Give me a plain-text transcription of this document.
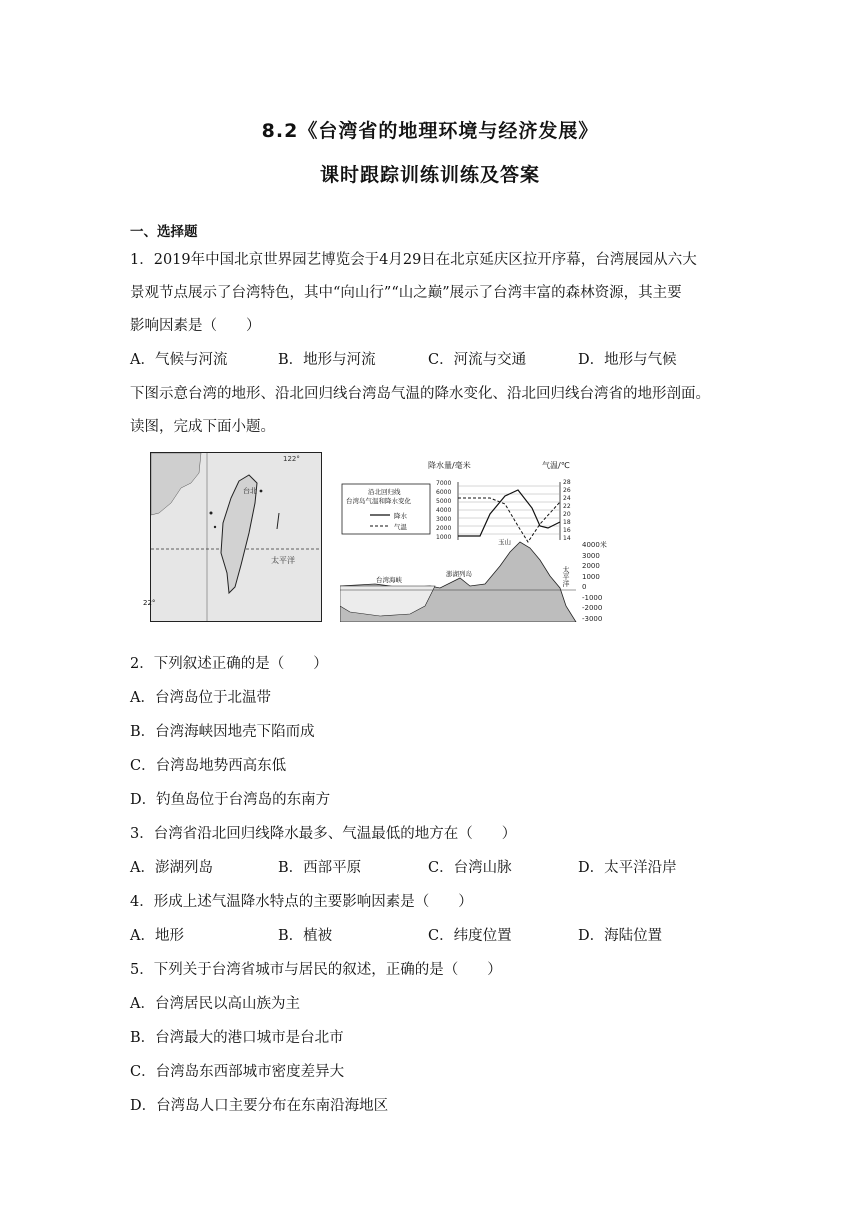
8.2《台湾省的地理环境与经济发展》
课时跟踪训练训练及答案
一、选择题
1．2019年中国北京世界园艺博览会于4月29日在北京延庆区拉开序幕，台湾展园从六大
景观节点展示了台湾特色，其中“向山行”“山之巅”展示了台湾丰富的森林资源，其主要
影响因素是（　　）
A．气候与河流	B．地形与河流	C．河流与交通	D．地形与气候
下图示意台湾的地形、沿北回归线台湾岛气温的降水变化、沿北回归线台湾省的地形剖面。
读图，完成下面小题。
122°
台北
太平洋
22°
降水量/毫米	气温/℃
7000
6000
5000
4000
3000
2000
1000
28
26
24
22
20
18
16
14
沿北回归线
台湾岛气温和降水变化
降水
气温
台湾海峡
澎湖列岛
玉山
太平洋
4000米
3000
2000
1000
0
-1000
-2000
-3000
2．下列叙述正确的是（　　）
A．台湾岛位于北温带
B．台湾海峡因地壳下陷而成
C．台湾岛地势西高东低
D．钓鱼岛位于台湾岛的东南方
3．台湾省沿北回归线降水最多、气温最低的地方在（　　）
A．澎湖列岛	B．西部平原	C．台湾山脉	D．太平洋沿岸
4．形成上述气温降水特点的主要影响因素是（　　）
A．地形	B．植被	C．纬度位置	D．海陆位置
5．下列关于台湾省城市与居民的叙述，正确的是（　　）
A．台湾居民以高山族为主
B．台湾最大的港口城市是台北市
C．台湾岛东西部城市密度差异大
D．台湾岛人口主要分布在东南沿海地区
